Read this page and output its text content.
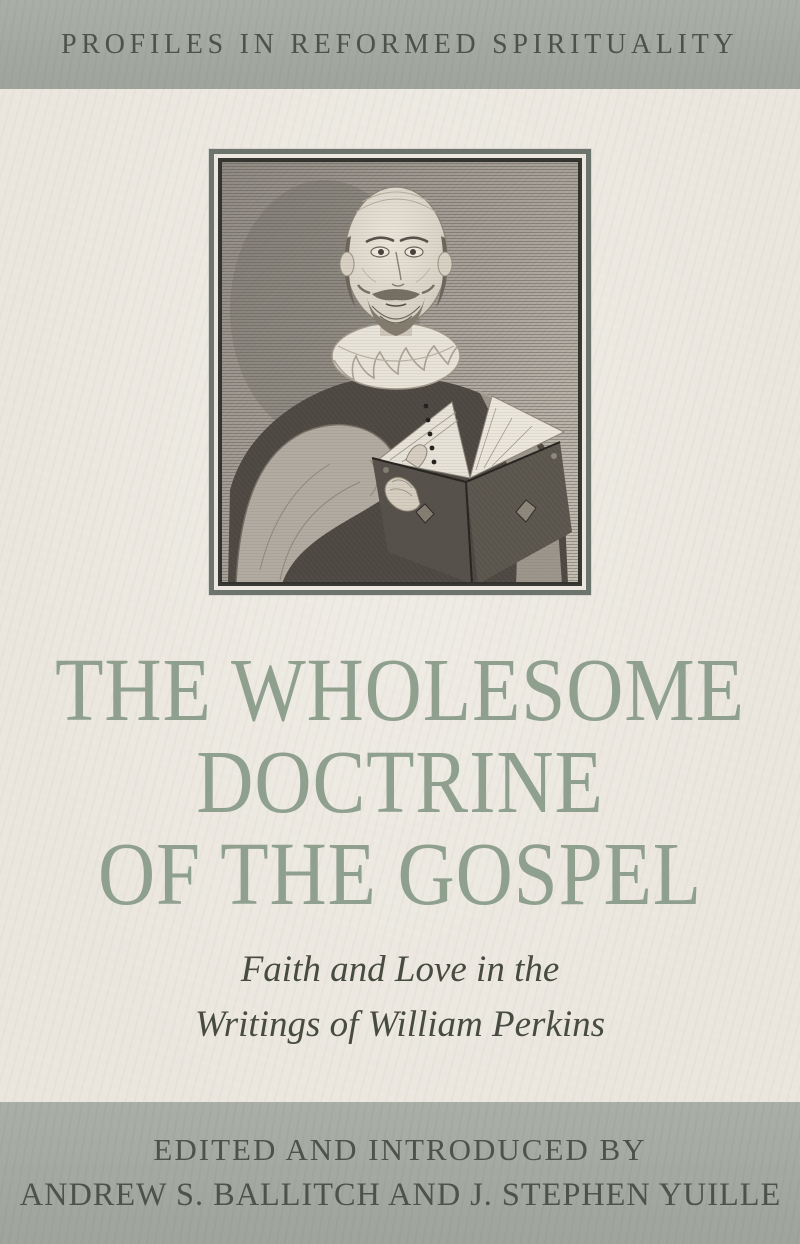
PROFILES IN REFORMED SPIRITUALITY
THE WHOLESOME
DOCTRINE
OF THE GOSPEL
Faith and Love in the
Writings of William Perkins
EDITED AND INTRODUCED BY
ANDREW S. BALLITCH AND J. STEPHEN YUILLE
